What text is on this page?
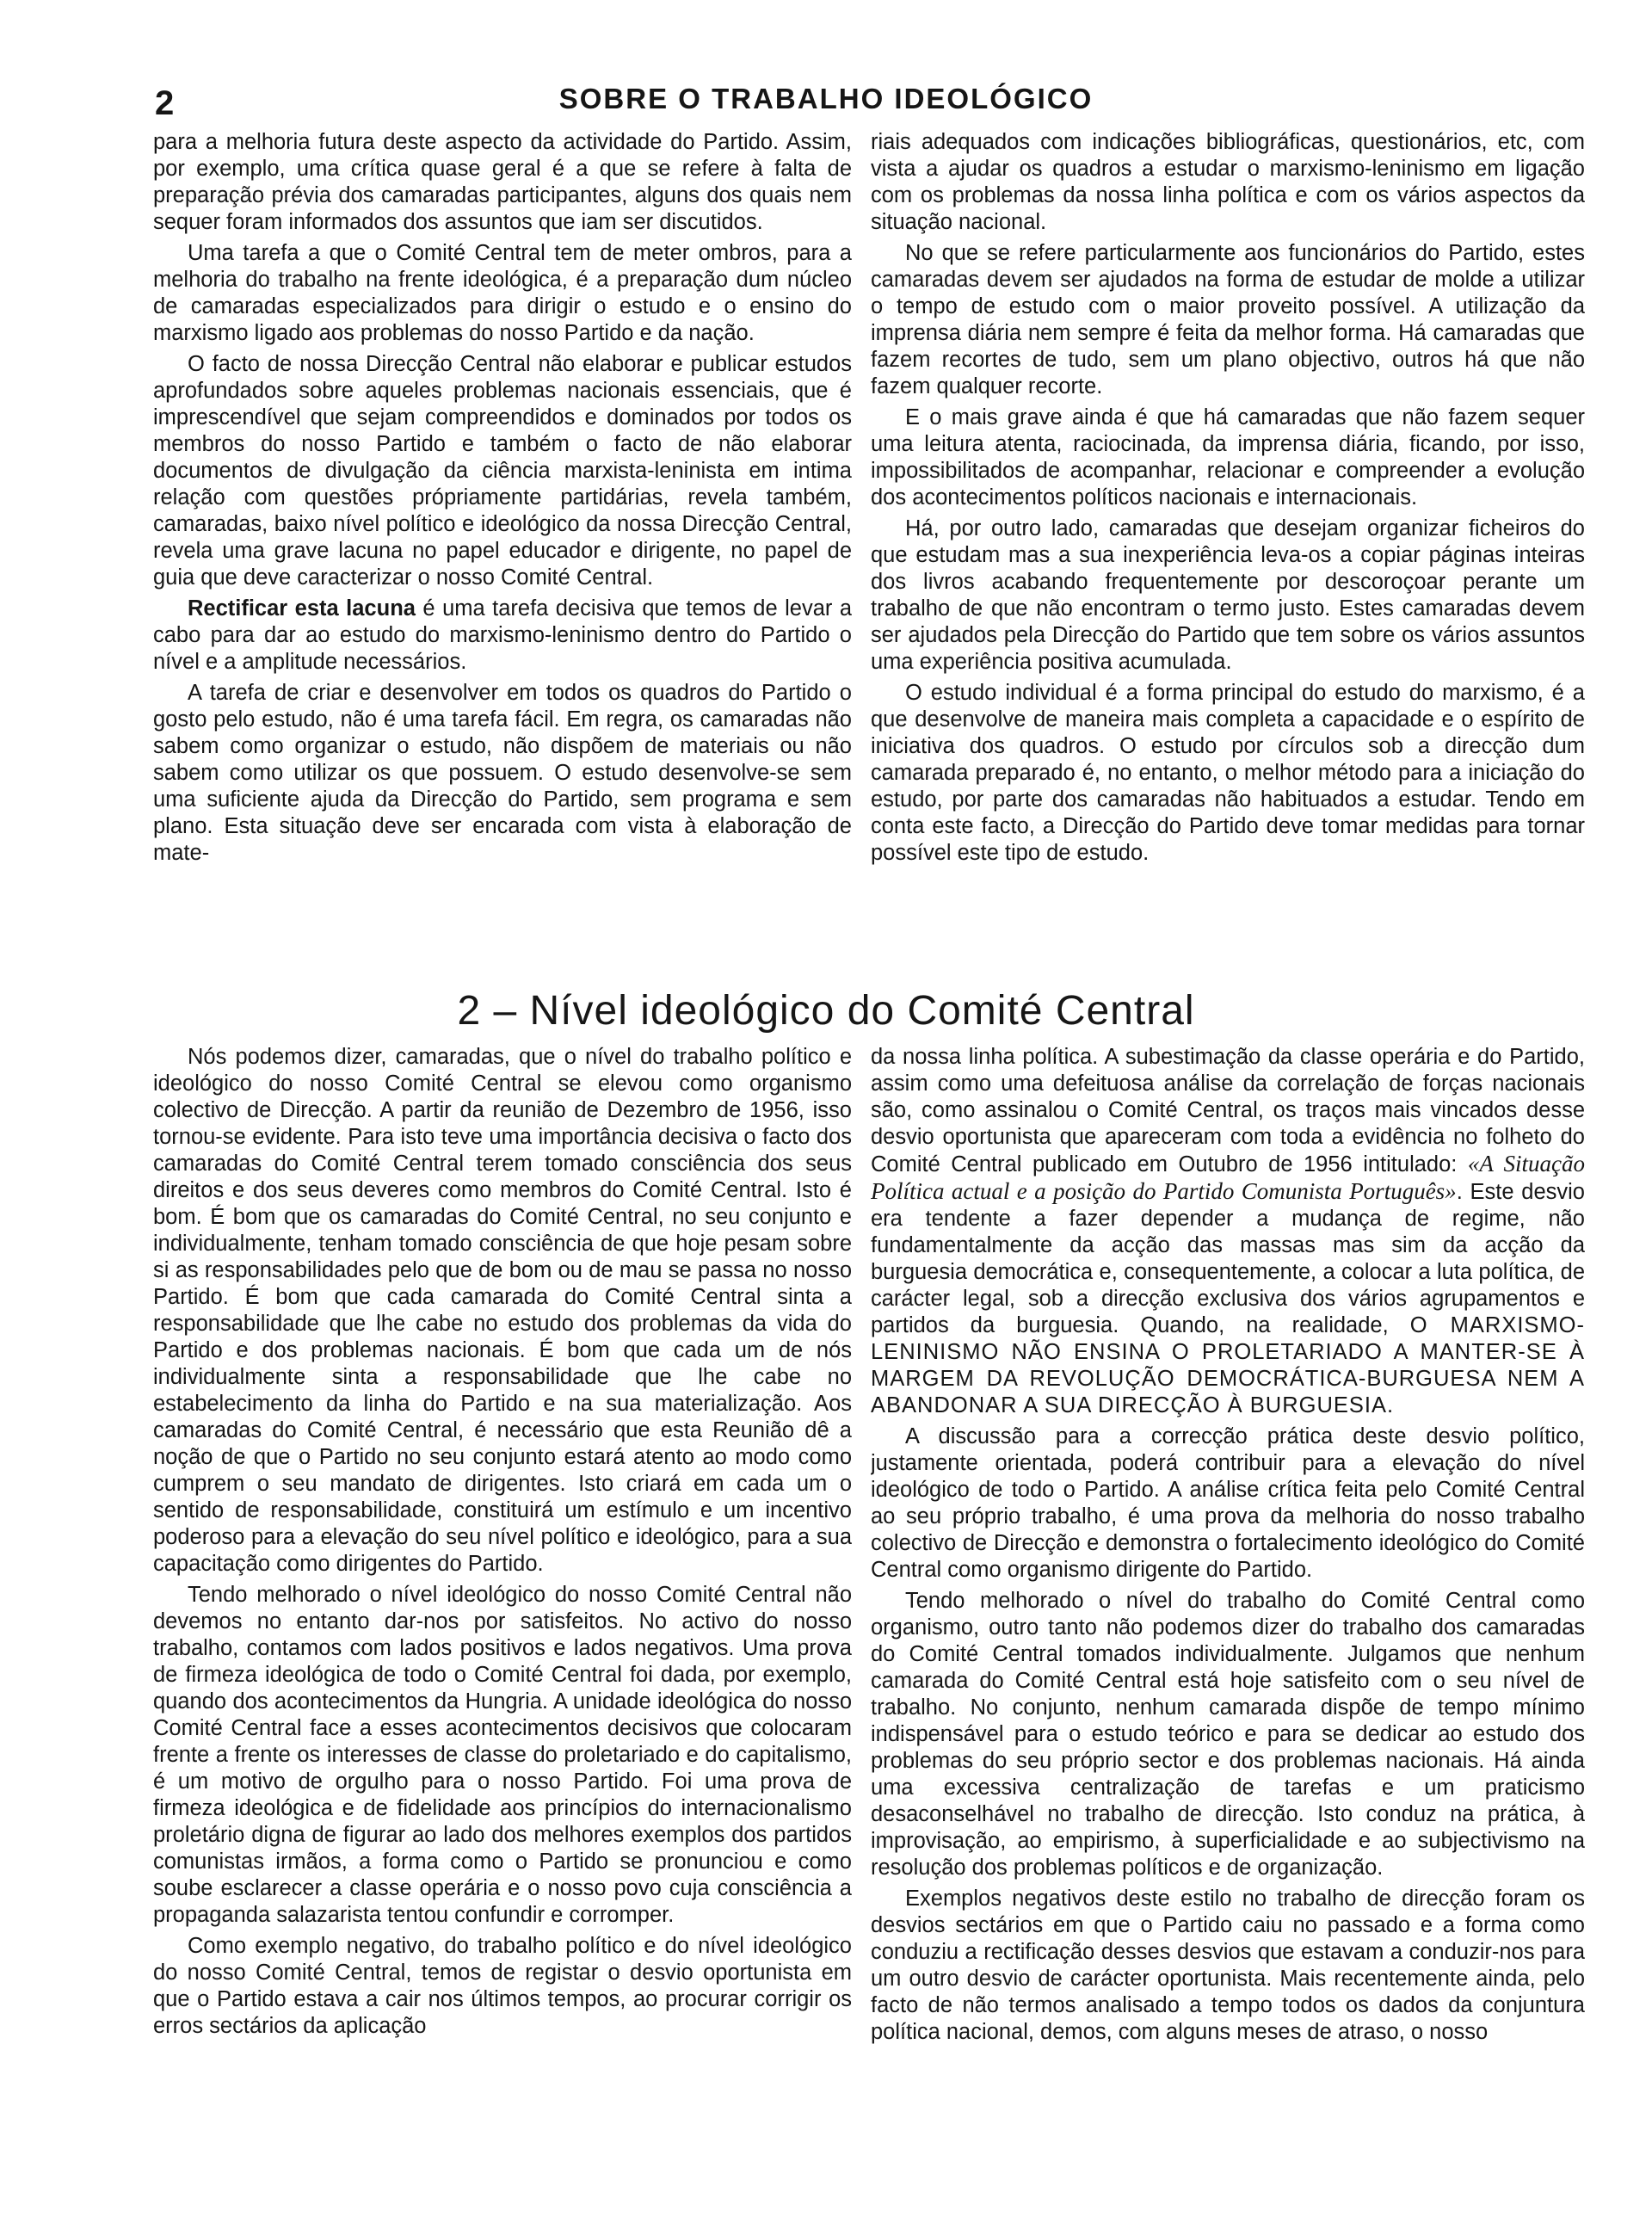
2	SOBRE O TRABALHO IDEOLÓGICO

para a melhoria futura deste aspecto da actividade do Partido. Assim, por exemplo, uma crítica quase geral é a que se refere à falta de preparação prévia dos camaradas participantes, alguns dos quais nem sequer foram informados dos assuntos que iam ser discutidos.

Uma tarefa a que o Comité Central tem de meter ombros, para a melhoria do trabalho na frente ideológica, é a preparação dum núcleo de camaradas especializados para dirigir o estudo e o ensino do marxismo ligado aos problemas do nosso Partido e da nação.

O facto de nossa Direcção Central não elaborar e publicar estudos aprofundados sobre aqueles problemas nacionais essenciais, que é imprescendível que sejam compreendidos e dominados por todos os membros do nosso Partido e também o facto de não elaborar documentos de divulgação da ciência marxista-leninista em intima relação com questões própriamente partidárias, revela também, camaradas, baixo nível político e ideológico da nossa Direcção Central, revela uma grave lacuna no papel educador e dirigente, no papel de guia que deve caracterizar o nosso Comité Central.

Rectificar esta lacuna é uma tarefa decisiva que temos de levar a cabo para dar ao estudo do marxismo-leninismo dentro do Partido o nível e a amplitude necessários.

A tarefa de criar e desenvolver em todos os quadros do Partido o gosto pelo estudo, não é uma tarefa fácil. Em regra, os camaradas não sabem como organizar o estudo, não dispõem de materiais ou não sabem como utilizar os que possuem. O estudo desenvolve-se sem uma suficiente ajuda da Direcção do Partido, sem programa e sem plano. Esta situação deve ser encarada com vista à elaboração de mate-

riais adequados com indicações bibliográficas, questionários, etc, com vista a ajudar os quadros a estudar o marxismo-leninismo em ligação com os problemas da nossa linha política e com os vários aspectos da situação nacional.

No que se refere particularmente aos funcionários do Partido, estes camaradas devem ser ajudados na forma de estudar de molde a utilizar o tempo de estudo com o maior proveito possível. A utilização da imprensa diária nem sempre é feita da melhor forma. Há camaradas que fazem recortes de tudo, sem um plano objectivo, outros há que não fazem qualquer recorte.

E o mais grave ainda é que há camaradas que não fazem sequer uma leitura atenta, raciocinada, da imprensa diária, ficando, por isso, impossibilitados de acompanhar, relacionar e compreender a evolução dos acontecimentos políticos nacionais e internacionais.

Há, por outro lado, camaradas que desejam organizar ficheiros do que estudam mas a sua inexperiência leva-os a copiar páginas inteiras dos livros acabando frequentemente por descoroçoar perante um trabalho de que não encontram o termo justo. Estes camaradas devem ser ajudados pela Direcção do Partido que tem sobre os vários assuntos uma experiência positiva acumulada.

O estudo individual é a forma principal do estudo do marxismo, é a que desenvolve de maneira mais completa a capacidade e o espírito de iniciativa dos quadros. O estudo por círculos sob a direcção dum camarada preparado é, no entanto, o melhor método para a iniciação do estudo, por parte dos camaradas não habituados a estudar. Tendo em conta este facto, a Direcção do Partido deve tomar medidas para tornar possível este tipo de estudo.

2 – Nível ideológico do Comité Central

Nós podemos dizer, camaradas, que o nível do trabalho político e ideológico do nosso Comité Central se elevou como organismo colectivo de Direcção. A partir da reunião de Dezembro de 1956, isso tornou-se evidente. Para isto teve uma importância decisiva o facto dos camaradas do Comité Central terem tomado consciência dos seus direitos e dos seus deveres como membros do Comité Central. Isto é bom. É bom que os camaradas do Comité Central, no seu conjunto e individualmente, tenham tomado consciência de que hoje pesam sobre si as responsabilidades pelo que de bom ou de mau se passa no nosso Partido. É bom que cada camarada do Comité Central sinta a responsabilidade que lhe cabe no estudo dos problemas da vida do Partido e dos problemas nacionais. É bom que cada um de nós individualmente sinta a responsabilidade que lhe cabe no estabelecimento da linha do Partido e na sua materialização. Aos camaradas do Comité Central, é necessário que esta Reunião dê a noção de que o Partido no seu conjunto estará atento ao modo como cumprem o seu mandato de dirigentes. Isto criará em cada um o sentido de responsabilidade, constituirá um estímulo e um incentivo poderoso para a elevação do seu nível político e ideológico, para a sua capacitação como dirigentes do Partido.

Tendo melhorado o nível ideológico do nosso Comité Central não devemos no entanto dar-nos por satisfeitos. No activo do nosso trabalho, contamos com lados positivos e lados negativos. Uma prova de firmeza ideológica de todo o Comité Central foi dada, por exemplo, quando dos acontecimentos da Hungria. A unidade ideológica do nosso Comité Central face a esses acontecimentos decisivos que colocaram frente a frente os interesses de classe do proletariado e do capitalismo, é um motivo de orgulho para o nosso Partido. Foi uma prova de firmeza ideológica e de fidelidade aos princípios do internacionalismo proletário digna de figurar ao lado dos melhores exemplos dos partidos comunistas irmãos, a forma como o Partido se pronunciou e como soube esclarecer a classe operária e o nosso povo cuja consciência a propaganda salazarista tentou confundir e corromper.

Como exemplo negativo, do trabalho político e do nível ideológico do nosso Comité Central, temos de registar o desvio oportunista em que o Partido estava a cair nos últimos tempos, ao procurar corrigir os erros sectários da aplicação

da nossa linha política. A subestimação da classe operária e do Partido, assim como uma defeituosa análise da correlação de forças nacionais são, como assinalou o Comité Central, os traços mais vincados desse desvio oportunista que apareceram com toda a evidência no folheto do Comité Central publicado em Outubro de 1956 intitulado: «A Situação Política actual e a posição do Partido Comunista Português». Este desvio era tendente a fazer depender a mudança de regime, não fundamentalmente da acção das massas mas sim da acção da burguesia democrática e, consequentemente, a colocar a luta política, de carácter legal, sob a direcção exclusiva dos vários agrupamentos e partidos da burguesia. Quando, na realidade, O MARXISMO-LENINISMO NÃO ENSINA O PROLETARIADO A MANTER-SE À MARGEM DA REVOLUÇÃO DEMOCRÁTICA-BURGUESA NEM A ABANDONAR A SUA DIRECÇÃO À BURGUESIA.

A discussão para a correcção prática deste desvio político, justamente orientada, poderá contribuir para a elevação do nível ideológico de todo o Partido. A análise crítica feita pelo Comité Central ao seu próprio trabalho, é uma prova da melhoria do nosso trabalho colectivo de Direcção e demonstra o fortalecimento ideológico do Comité Central como organismo dirigente do Partido.

Tendo melhorado o nível do trabalho do Comité Central como organismo, outro tanto não podemos dizer do trabalho dos camaradas do Comité Central tomados individualmente. Julgamos que nenhum camarada do Comité Central está hoje satisfeito com o seu nível de trabalho. No conjunto, nenhum camarada dispõe de tempo mínimo indispensável para o estudo teórico e para se dedicar ao estudo dos problemas do seu próprio sector e dos problemas nacionais. Há ainda uma excessiva centralização de tarefas e um praticismo desaconselhável no trabalho de direcção. Isto conduz na prática, à improvisação, ao empirismo, à superficialidade e ao subjectivismo na resolução dos problemas políticos e de organização.

Exemplos negativos deste estilo no trabalho de direcção foram os desvios sectários em que o Partido caiu no passado e a forma como conduziu a rectificação desses desvios que estavam a conduzir-nos para um outro desvio de carácter oportunista. Mais recentemente ainda, pelo facto de não termos analisado a tempo todos os dados da conjuntura política nacional, demos, com alguns meses de atraso, o nosso
